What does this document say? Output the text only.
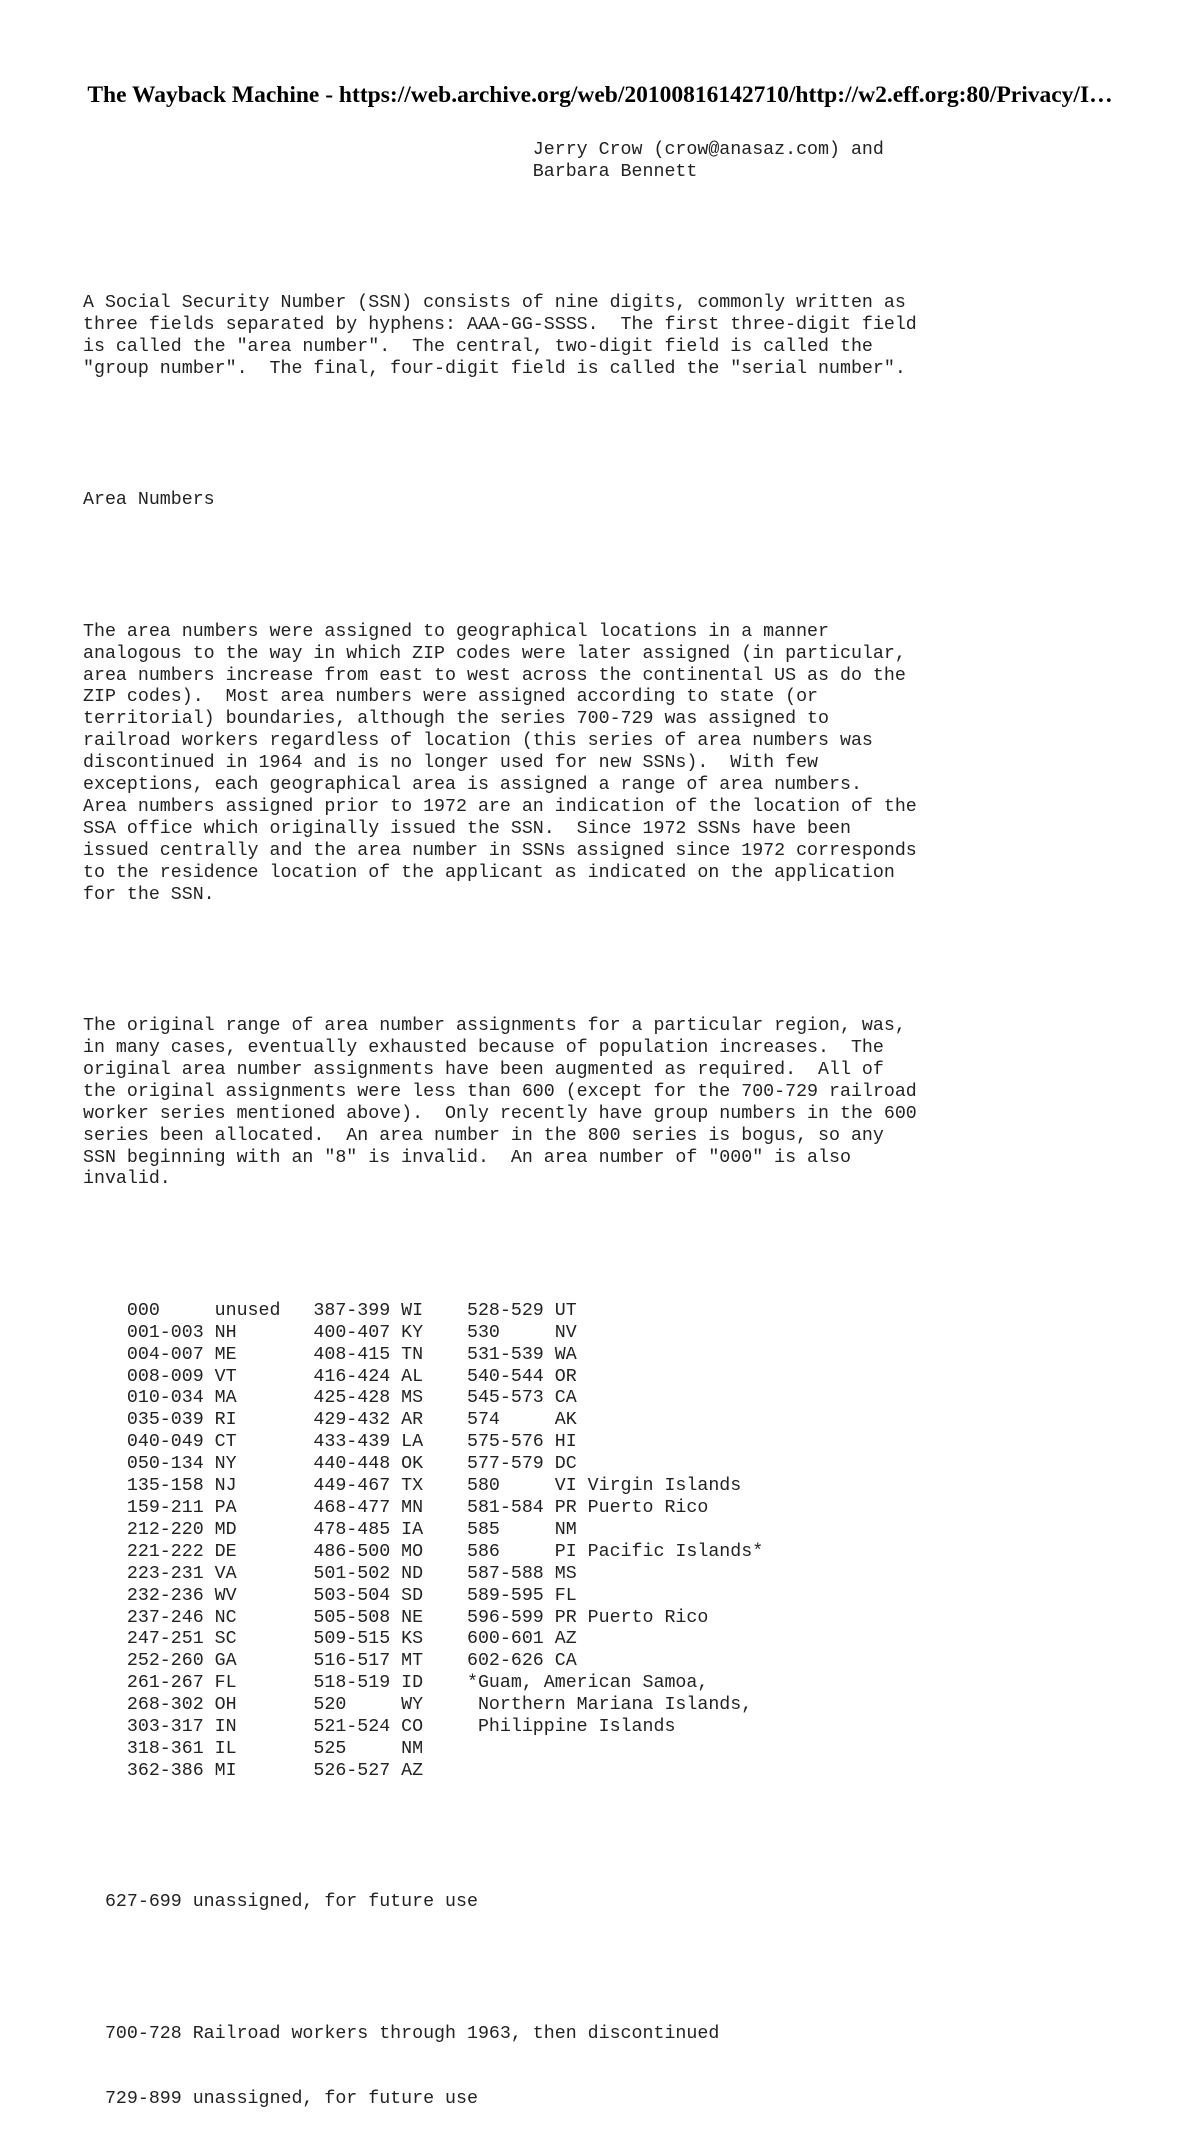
The Wayback Machine - https://web.archive.org/web/20100816142710/http://w2.eff.org:80/Privacy/I…

Jerry Crow (crow@anasaz.com) and
Barbara Bennett

A Social Security Number (SSN) consists of nine digits, commonly written as
three fields separated by hyphens: AAA-GG-SSSS.  The first three-digit field
is called the "area number".  The central, two-digit field is called the
"group number".  The final, four-digit field is called the "serial number".

Area Numbers

The area numbers were assigned to geographical locations in a manner
analogous to the way in which ZIP codes were later assigned (in particular,
area numbers increase from east to west across the continental US as do the
ZIP codes).  Most area numbers were assigned according to state (or
territorial) boundaries, although the series 700-729 was assigned to
railroad workers regardless of location (this series of area numbers was
discontinued in 1964 and is no longer used for new SSNs).  With few
exceptions, each geographical area is assigned a range of area numbers.
Area numbers assigned prior to 1972 are an indication of the location of the
SSA office which originally issued the SSN.  Since 1972 SSNs have been
issued centrally and the area number in SSNs assigned since 1972 corresponds
to the residence location of the applicant as indicated on the application
for the SSN.

The original range of area number assignments for a particular region, was,
in many cases, eventually exhausted because of population increases.  The
original area number assignments have been augmented as required.  All of
the original assignments were less than 600 (except for the 700-729 railroad
worker series mentioned above).  Only recently have group numbers in the 600
series been allocated.  An area number in the 800 series is bogus, so any
SSN beginning with an "8" is invalid.  An area number of "000" is also
invalid.

000     unused   387-399 WI    528-529 UT
001-003 NH       400-407 KY    530     NV
004-007 ME       408-415 TN    531-539 WA
008-009 VT       416-424 AL    540-544 OR
010-034 MA       425-428 MS    545-573 CA
035-039 RI       429-432 AR    574     AK
040-049 CT       433-439 LA    575-576 HI
050-134 NY       440-448 OK    577-579 DC
135-158 NJ       449-467 TX    580     VI Virgin Islands
159-211 PA       468-477 MN    581-584 PR Puerto Rico
212-220 MD       478-485 IA    585     NM
221-222 DE       486-500 MO    586     PI Pacific Islands*
223-231 VA       501-502 ND    587-588 MS
232-236 WV       503-504 SD    589-595 FL
237-246 NC       505-508 NE    596-599 PR Puerto Rico
247-251 SC       509-515 KS    600-601 AZ
252-260 GA       516-517 MT    602-626 CA
261-267 FL       518-519 ID    *Guam, American Samoa,
268-302 OH       520     WY     Northern Mariana Islands,
303-317 IN       521-524 CO     Philippine Islands
318-361 IL       525     NM
362-386 MI       526-527 AZ

627-699 unassigned, for future use

700-728 Railroad workers through 1963, then discontinued

729-899 unassigned, for future use
